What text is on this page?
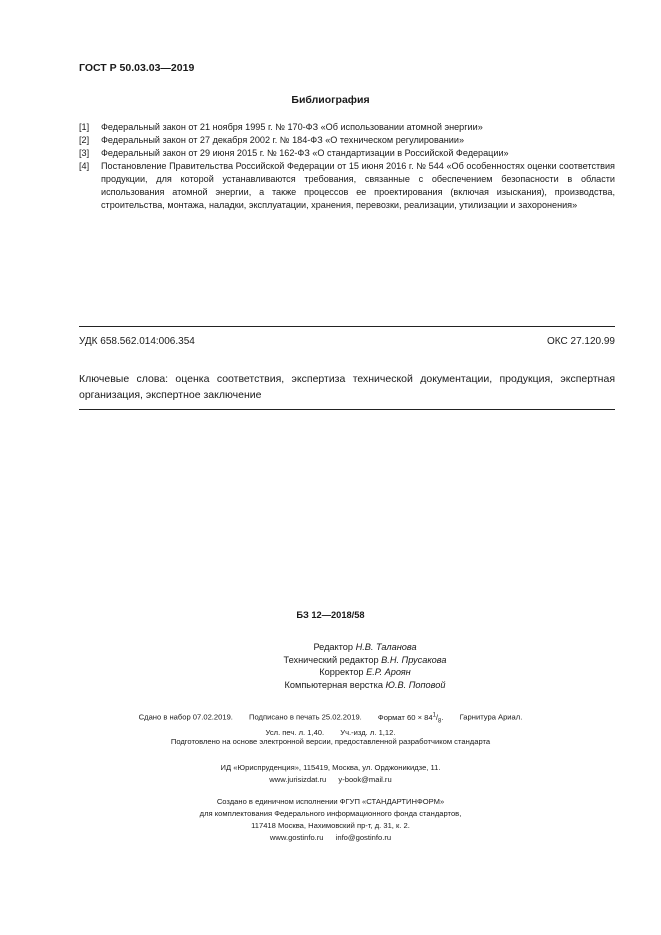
ГОСТ Р 50.03.03—2019
Библиография
[1]	Федеральный закон от 21 ноября 1995 г. № 170-ФЗ «Об использовании атомной энергии»
[2]	Федеральный закон от 27 декабря 2002 г. № 184-ФЗ «О техническом регулировании»
[3]	Федеральный закон от 29 июня 2015 г. № 162-ФЗ «О стандартизации в Российской Федерации»
[4]	Постановление Правительства Российской Федерации от 15 июня 2016 г. № 544 «Об особенностях оценки соответствия продукции, для которой устанавливаются требования, связанные с обеспечением безопасности в области использования атомной энергии, а также процессов ее проектирования (включая изыскания), производства, строительства, монтажа, наладки, эксплуатации, хранения, перевозки, реализации, утилизации и захоронения»
УДК 658.562.014:006.354	ОКС 27.120.99
Ключевые слова: оценка соответствия, экспертиза технической документации, продукция, экспертная организация, экспертное заключение
БЗ 12—2018/58
Редактор Н.В. Таланова
Технический редактор В.Н. Прусакова
Корректор Е.Р. Ароян
Компьютерная верстка Ю.В. Поповой
Сдано в набор 07.02.2019. Подписано в печать 25.02.2019. Формат $60 \times 84^1/_8$. Гарнитура Ариал.
Усл. печ. л. 1,40. Уч.-изд. л. 1,12.
Подготовлено на основе электронной версии, предоставленной разработчиком стандарта
ИД «Юриспруденция», 115419, Москва, ул. Орджоникидзе, 11.
www.jurisizdat.ru y-book@mail.ru
Создано в единичном исполнении ФГУП «СТАНДАРТИНФОРМ»
для комплектования Федерального информационного фонда стандартов,
117418 Москва, Нахимовский пр-т, д. 31, к. 2.
www.gostinfo.ru info@gostinfo.ru
